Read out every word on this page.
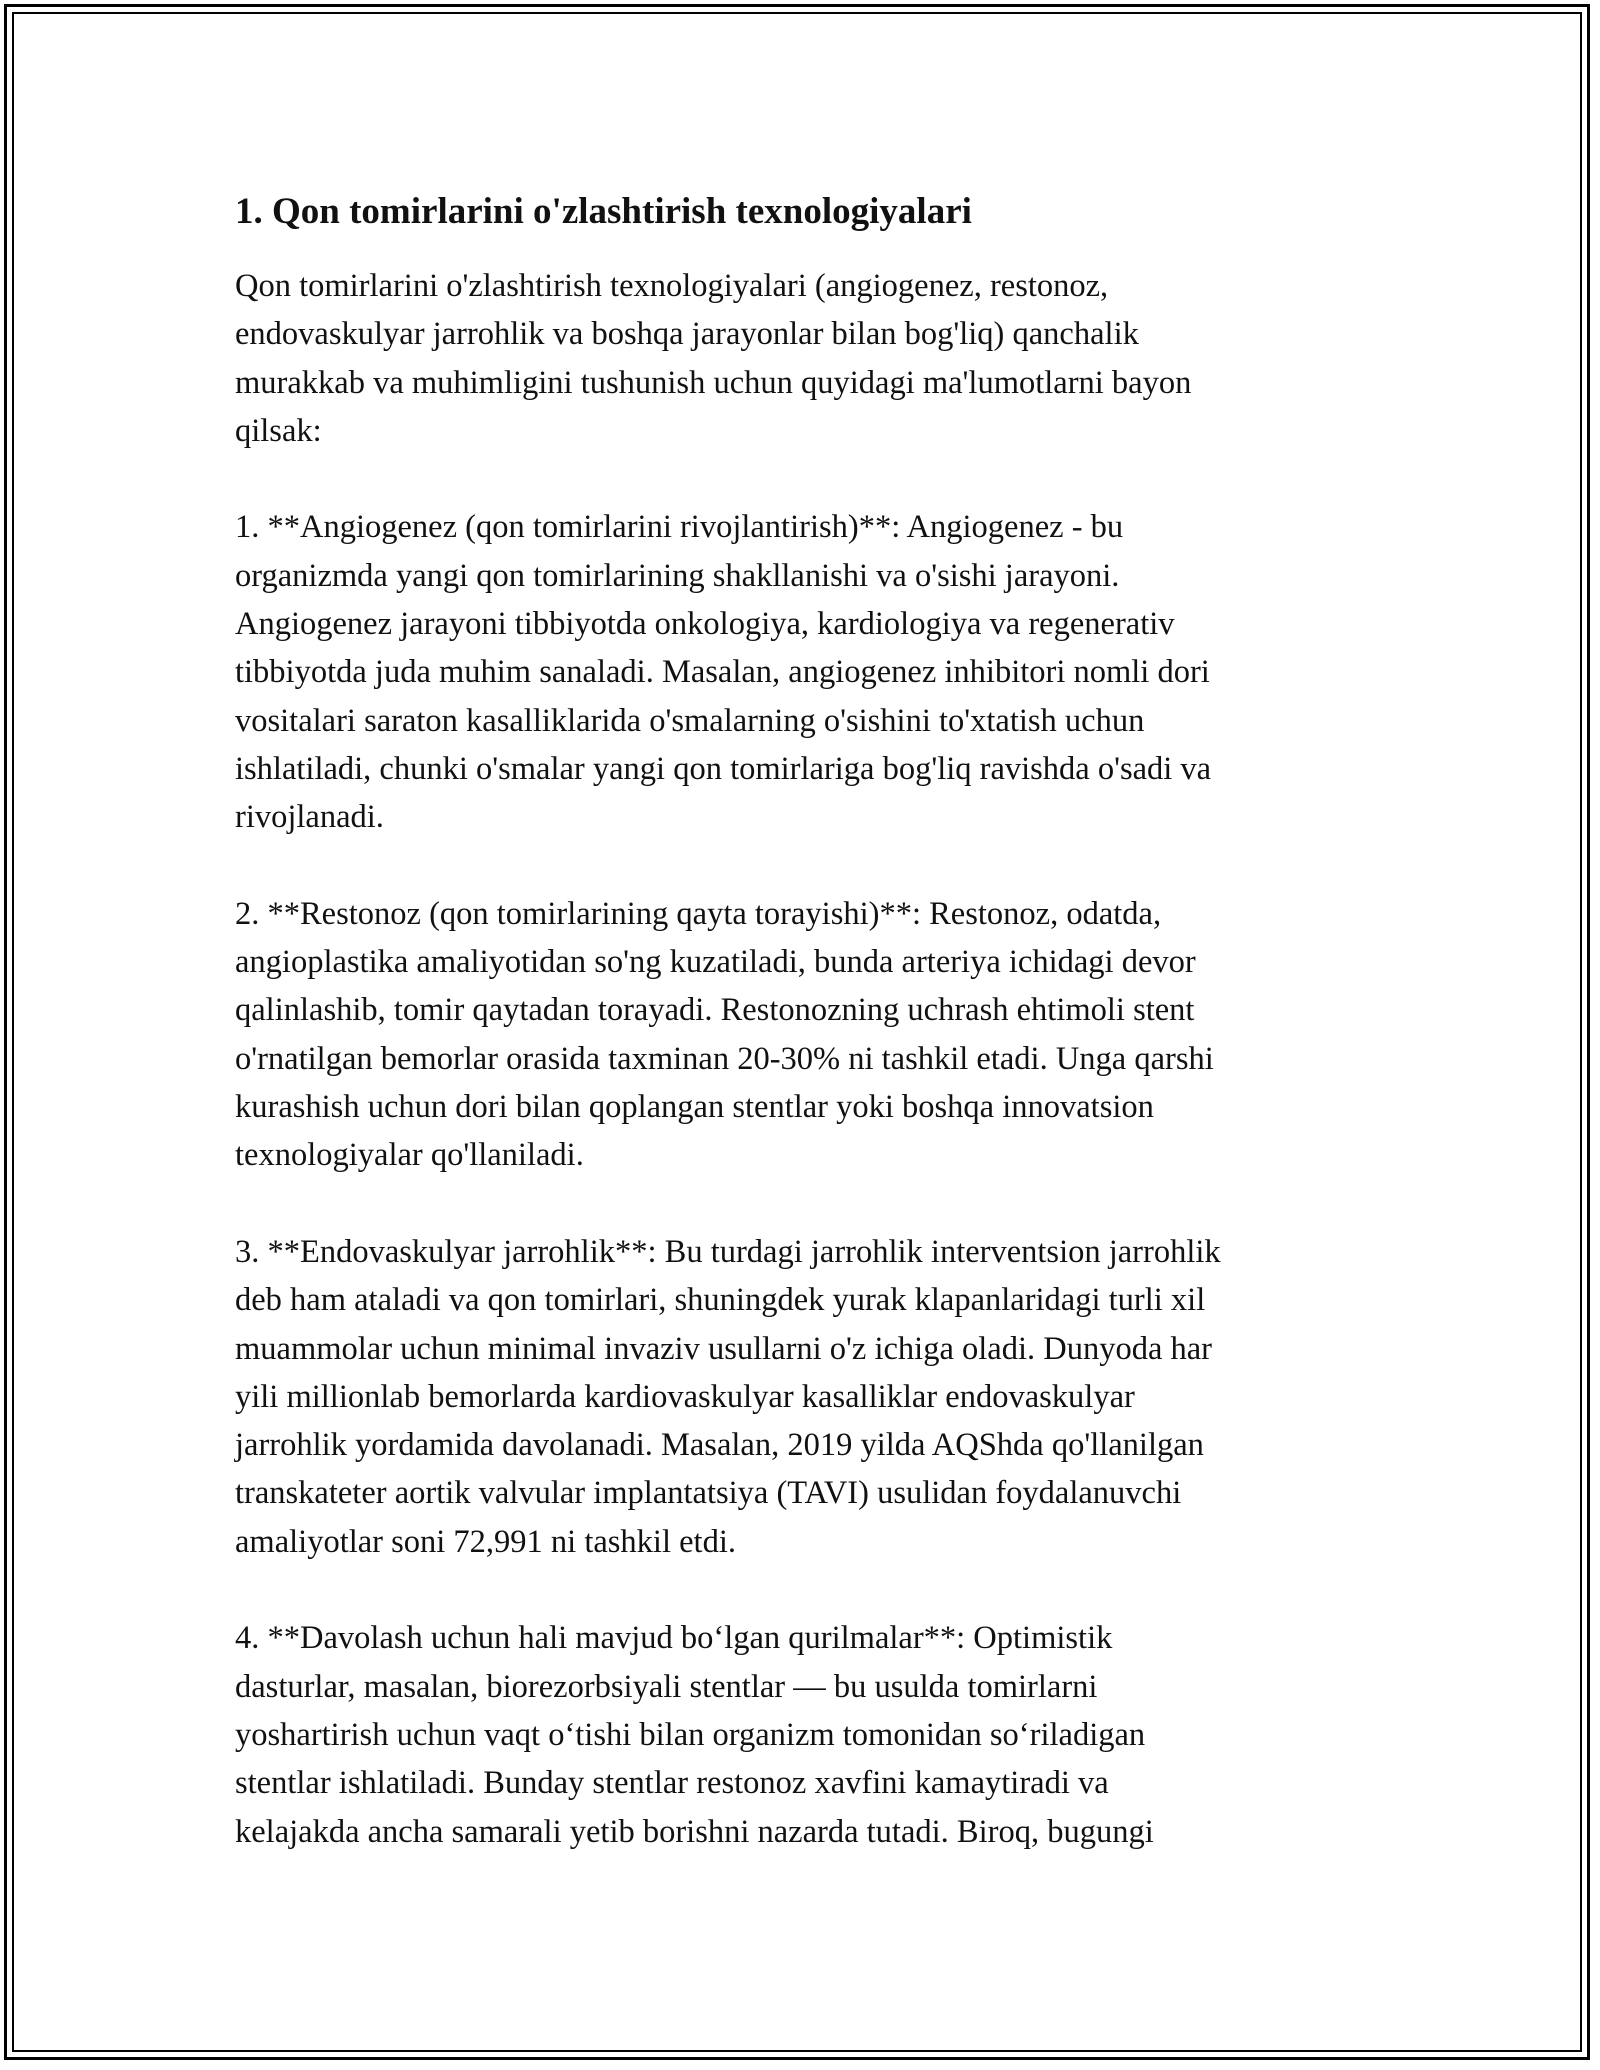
1. Qon tomirlarini o'zlashtirish texnologiyalari

Qon tomirlarini o'zlashtirish texnologiyalari (angiogenez, restonoz,
endovaskulyar jarrohlik va boshqa jarayonlar bilan bog'liq) qanchalik
murakkab va muhimligini tushunish uchun quyidagi ma'lumotlarni bayon
qilsak:

1. **Angiogenez (qon tomirlarini rivojlantirish)**: Angiogenez - bu
organizmda yangi qon tomirlarining shakllanishi va o'sishi jarayoni.
Angiogenez jarayoni tibbiyotda onkologiya, kardiologiya va regenerativ
tibbiyotda juda muhim sanaladi. Masalan, angiogenez inhibitori nomli dori
vositalari saraton kasalliklarida o'smalarning o'sishini to'xtatish uchun
ishlatiladi, chunki o'smalar yangi qon tomirlariga bog'liq ravishda o'sadi va
rivojlanadi.

2. **Restonoz (qon tomirlarining qayta torayishi)**: Restonoz, odatda,
angioplastika amaliyotidan so'ng kuzatiladi, bunda arteriya ichidagi devor
qalinlashib, tomir qaytadan torayadi. Restonozning uchrash ehtimoli stent
o'rnatilgan bemorlar orasida taxminan 20-30% ni tashkil etadi. Unga qarshi
kurashish uchun dori bilan qoplangan stentlar yoki boshqa innovatsion
texnologiyalar qo'llaniladi.

3. **Endovaskulyar jarrohlik**: Bu turdagi jarrohlik interventsion jarrohlik
deb ham ataladi va qon tomirlari, shuningdek yurak klapanlaridagi turli xil
muammolar uchun minimal invaziv usullarni o'z ichiga oladi. Dunyoda har
yili millionlab bemorlarda kardiovaskulyar kasalliklar endovaskulyar
jarrohlik yordamida davolanadi. Masalan, 2019 yilda AQShda qo'llanilgan
transkateter aortik valvular implantatsiya (TAVI) usulidan foydalanuvchi
amaliyotlar soni 72,991 ni tashkil etdi.

4. **Davolash uchun hali mavjud bo‘lgan qurilmalar**: Optimistik
dasturlar, masalan, biorezorbsiyali stentlar — bu usulda tomirlarni
yoshartirish uchun vaqt o‘tishi bilan organizm tomonidan so‘riladigan
stentlar ishlatiladi. Bunday stentlar restonoz xavfini kamaytiradi va
kelajakda ancha samarali yetib borishni nazarda tutadi. Biroq, bugungi
